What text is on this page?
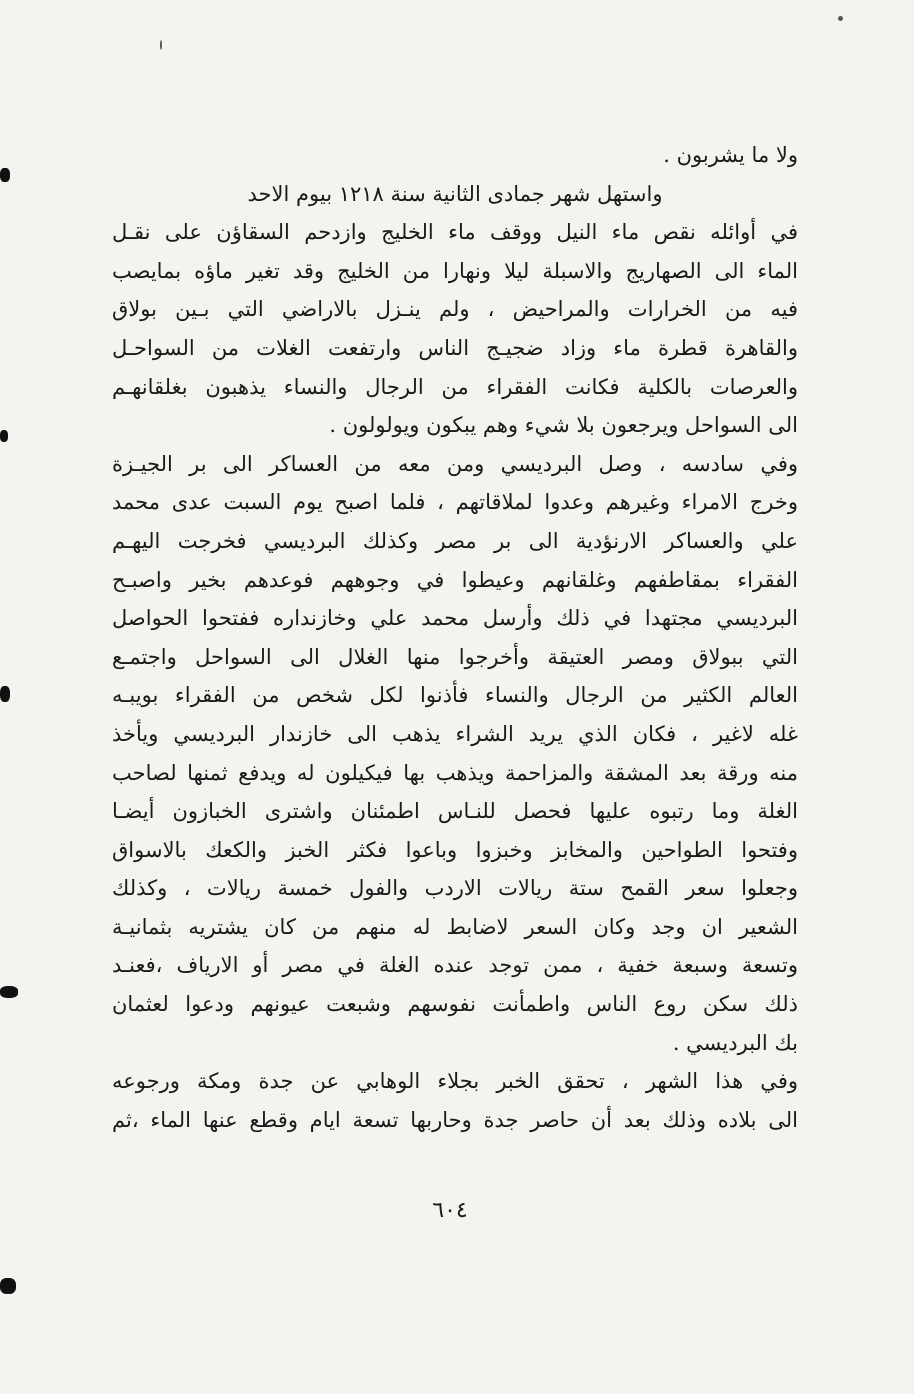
ولا ما يشربون .
واستهل شهر جمادى الثانية سنة ١٢١٨ بيوم الاحد
في أوائله نقص ماء النيل ووقف ماء الخليج وازدحم السقاؤن على نقـل
الماء الى الصهاريج والاسبلة ليلا ونهارا من الخليج وقد تغير ماؤه بمايصب
فيه من الخرارات والمراحيض ، ولم ينـزل بالاراضي التي بـين بولاق
والقاهرة قطرة ماء وزاد ضجيـج الناس وارتفعت الغلات من السواحـل
والعرصات بالكلية فكانت الفقراء من الرجال والنساء يذهبون بغلقانهـم
الى السواحل ويرجعون بلا شيء وهم يبكون ويولولون .
وفي سادسه ، وصل البرديسي ومن معه من العساكر الى بر الجيـزة
وخرج الامراء وغيرهم وعدوا لملاقاتهم ، فلما اصبح يوم السبت عدى محمد
علي والعساكر الارنؤدية الى بر مصر وكذلك البرديسي فخرجت اليهـم
الفقراء بمقاطفهم وغلقانهم وعيطوا في وجوههم فوعدهم بخير واصبـح
البرديسي مجتهدا في ذلك وأرسل محمد علي وخازنداره ففتحوا الحواصل
التي ببولاق ومصر العتيقة وأخرجوا منها الغلال الى السواحل واجتمـع
العالم الكثير من الرجال والنساء فأذنوا لكل شخص من الفقراء بويبـه
غله لاغير ، فكان الذي يريد الشراء يذهب الى خازندار البرديسي ويأخذ
منه ورقة بعد المشقة والمزاحمة ويذهب بها فيكيلون له ويدفع ثمنها لصاحب
الغلة وما رتبوه عليها فحصل للنـاس اطمئنان واشترى الخبازون أيضـا
وفتحوا الطواحين والمخابز وخبزوا وباعوا فكثر الخبز والكعك بالاسواق
وجعلوا سعر القمح ستة ريالات الاردب والفول خمسة ريالات ، وكذلك
الشعير ان وجد وكان السعر لاضابط له منهم من كان يشتريه بثمانيـة
وتسعة وسبعة خفية ، ممن توجد عنده الغلة في مصر أو الارياف ،فعنـد
ذلك سكن روع الناس واطمأنت نفوسهم وشبعت عيونهم ودعوا لعثمان
بك البرديسي .
وفي هذا الشهر ، تحقق الخبر بجلاء الوهابي عن جدة ومكة ورجوعه
الى بلاده وذلك بعد أن حاصر جدة وحاربها تسعة ايام وقطع عنها الماء ،ثم
٦٠٤
